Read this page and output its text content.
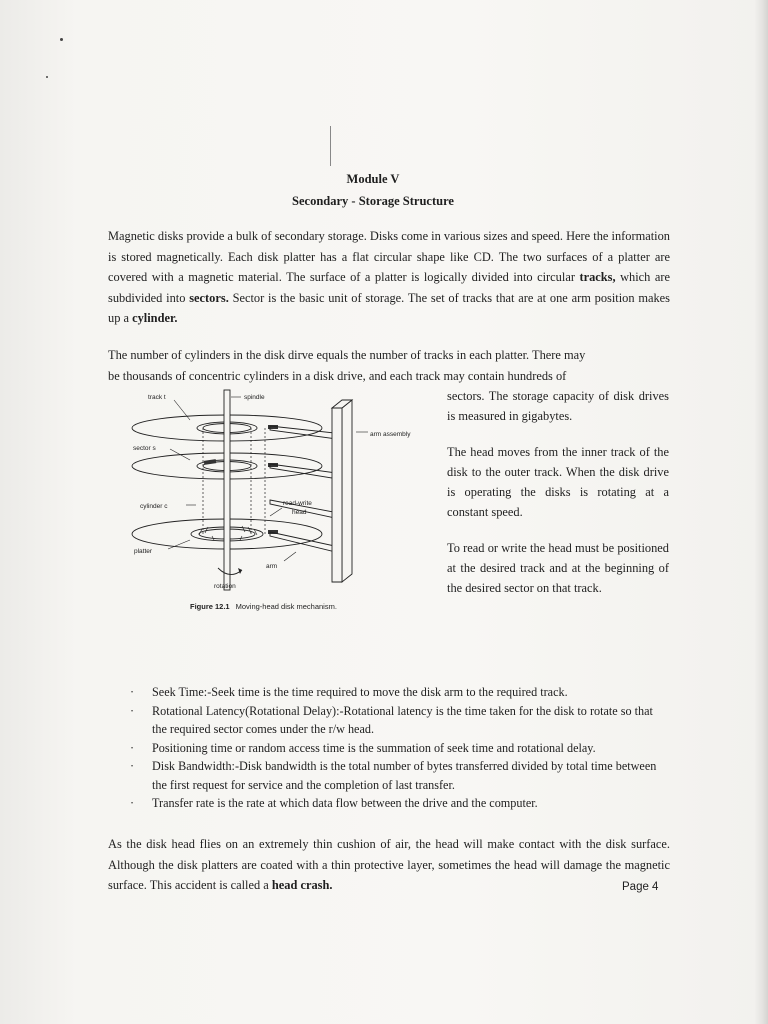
Module V
Secondary - Storage Structure
Magnetic disks provide a bulk of secondary storage. Disks come in various sizes and speed. Here the information is stored magnetically. Each disk platter has a flat circular shape like CD. The two surfaces of a platter are covered with a magnetic material. The surface of a platter is logically divided into circular tracks, which are subdivided into sectors. Sector is the basic unit of storage. The set of tracks that are at one arm position makes up a cylinder.
The number of cylinders in the disk dirve equals the number of tracks in each platter. There may
be thousands of concentric cylinders in a disk drive, and each track may contain hundreds of
sectors. The storage capacity of disk drives is measured in gigabytes.
The head moves from the inner track of the disk to the outer track. When the disk drive is operating the disks is rotating at a constant speed.
To read or write the head must be positioned at the desired track and at the beginning of the desired sector on that track.
track t	spindle
arm assembly
sector s
cylinder c	read-write
head
platter
arm
rotation
Figure 12.1 Moving-head disk mechanism.
· Seek Time:-Seek time is the time required to move the disk arm to the required track.
· Rotational Latency(Rotational Delay):-Rotational latency is the time taken for the disk to rotate so that the required sector comes under the r/w head.
· Positioning time or random access time is the summation of seek time and rotational delay.
· Disk Bandwidth:-Disk bandwidth is the total number of bytes transferred divided by total time between the first request for service and the completion of last transfer.
· Transfer rate is the rate at which data flow between the drive and the computer.
As the disk head flies on an extremely thin cushion of air, the head will make contact with the disk surface. Although the disk platters are coated with a thin protective layer, sometimes the head will damage the magnetic surface. This accident is called a head crash.	Page 4
